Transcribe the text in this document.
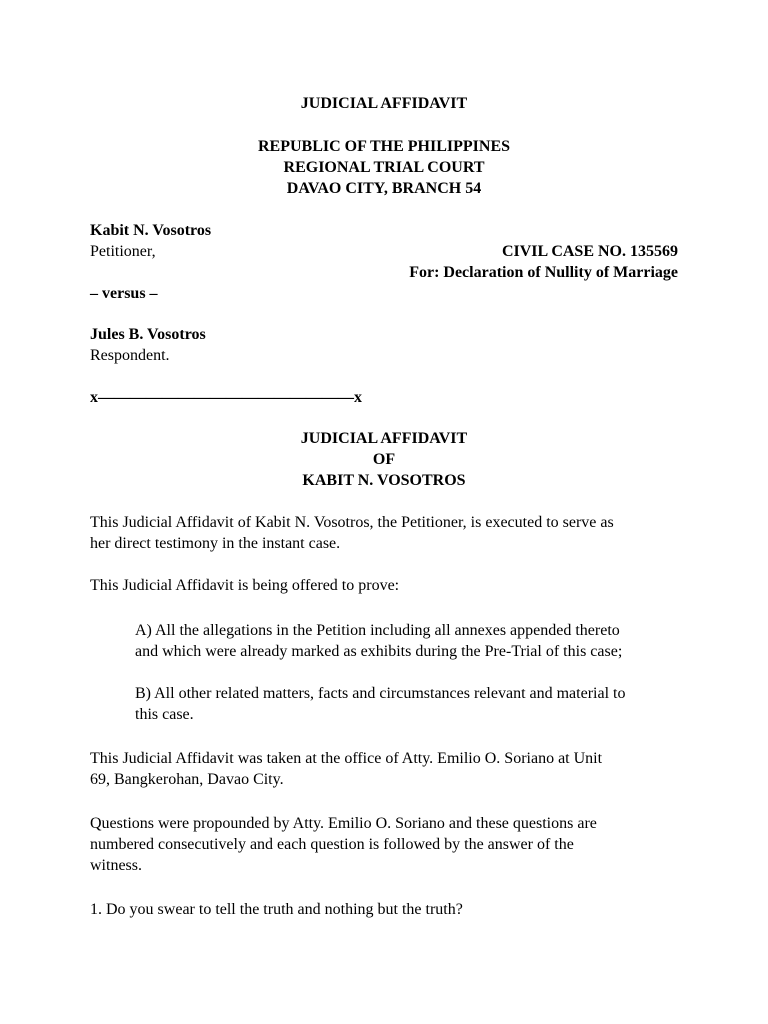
JUDICIAL AFFIDAVIT
REPUBLIC OF THE PHILIPPINES
REGIONAL TRIAL COURT
DAVAO CITY, BRANCH 54
Kabit N. Vosotros
Petitioner,	CIVIL CASE NO. 135569
For: Declaration of Nullity of Marriage
– versus –
Jules B. Vosotros
Respondent.
x————————————————x
JUDICIAL AFFIDAVIT
OF
KABIT N. VOSOTROS
This Judicial Affidavit of Kabit N. Vosotros, the Petitioner, is executed to serve as
her direct testimony in the instant case.
This Judicial Affidavit is being offered to prove:
A) All the allegations in the Petition including all annexes appended thereto
and which were already marked as exhibits during the Pre-Trial of this case;
B) All other related matters, facts and circumstances relevant and material to
this case.
This Judicial Affidavit was taken at the office of Atty. Emilio O. Soriano at Unit
69, Bangkerohan, Davao City.
Questions were propounded by Atty. Emilio O. Soriano and these questions are
numbered consecutively and each question is followed by the answer of the
witness.
1. Do you swear to tell the truth and nothing but the truth?
